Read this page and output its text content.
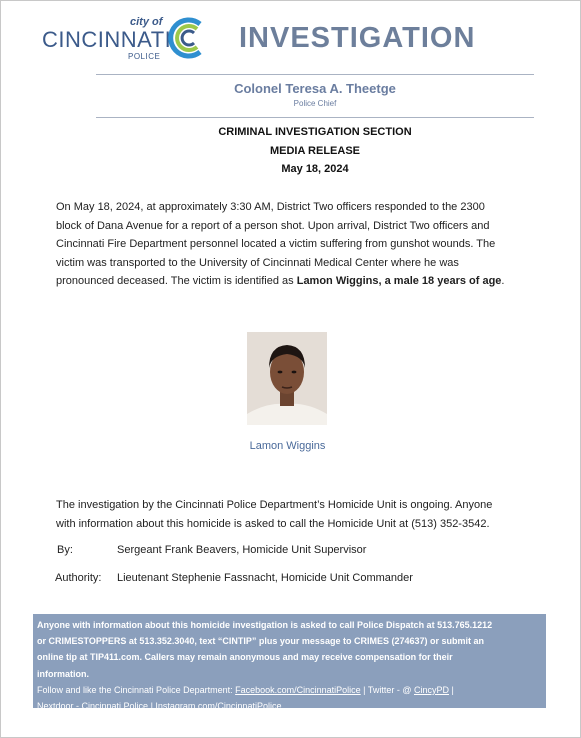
city of
CINCINNATI
POLICE
INVESTIGATION
Colonel Teresa A. Theetge
Police Chief
CRIMINAL INVESTIGATION SECTION
MEDIA RELEASE
May 18, 2024
On May 18, 2024, at approximately 3:30 AM, District Two officers responded to the 2300
block of Dana Avenue for a report of a person shot. Upon arrival, District Two officers and
Cincinnati Fire Department personnel located a victim suffering from gunshot wounds. The
victim was transported to the University of Cincinnati Medical Center where he was
pronounced deceased. The victim is identified as Lamon Wiggins, a male 18 years of age.
Lamon Wiggins
The investigation by the Cincinnati Police Department’s Homicide Unit is ongoing. Anyone
with information about this homicide is asked to call the Homicide Unit at (513) 352-3542.
By:	Sergeant Frank Beavers, Homicide Unit Supervisor
Authority: Lieutenant Stephenie Fassnacht, Homicide Unit Commander
Anyone with information about this homicide investigation is asked to call Police Dispatch at 513.765.1212
or CRIMESTOPPERS at 513.352.3040, text “CINTIP” plus your message to CRIMES (274637) or submit an
online tip at TIP411.com. Callers may remain anonymous and may receive compensation for their
information.
Follow and like the Cincinnati Police Department: Facebook.com/CincinnatiPolice | Twitter - @ CincyPD |
Nextdoor - Cincinnati Police | Instagram.com/CincinnatiPolice
